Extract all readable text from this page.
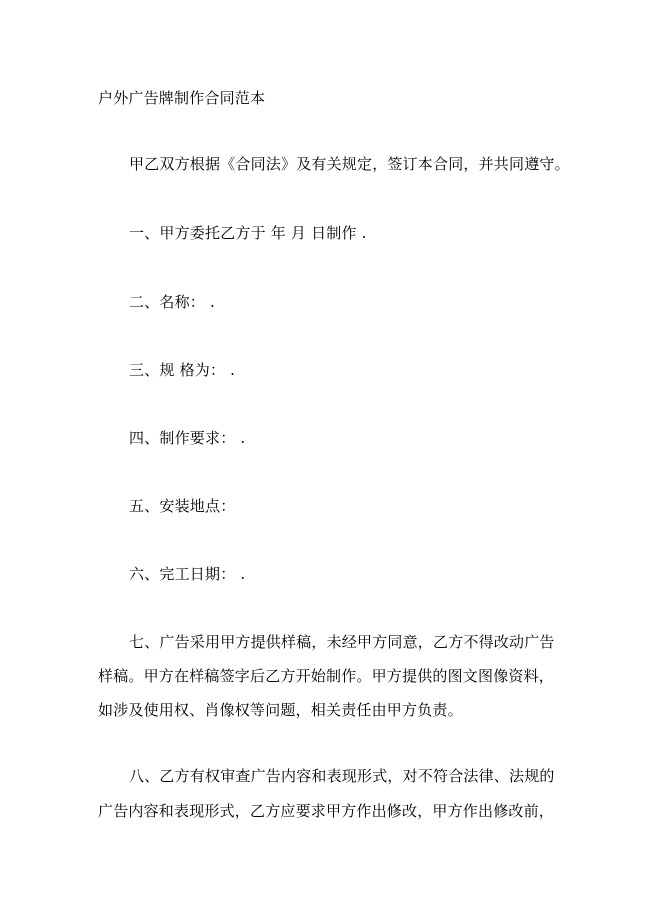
户外广告牌制作合同范本
甲乙双方根据《合同法》及有关规定，签订本合同，并共同遵守。
一、甲方委托乙方于 年 月 日制作 .
二、名称： .
三、规 格为： .
四、制作要求： .
五、安装地点：
六、完工日期： .
七、广告采用甲方提供样稿，未经甲方同意，乙方不得改动广告
样稿。甲方在样稿签字后乙方开始制作。甲方提供的图文图像资料，
如涉及使用权、肖像权等问题，相关责任由甲方负责。
八、乙方有权审查广告内容和表现形式，对不符合法律、法规的
广告内容和表现形式，乙方应要求甲方作出修改，甲方作出修改前，
